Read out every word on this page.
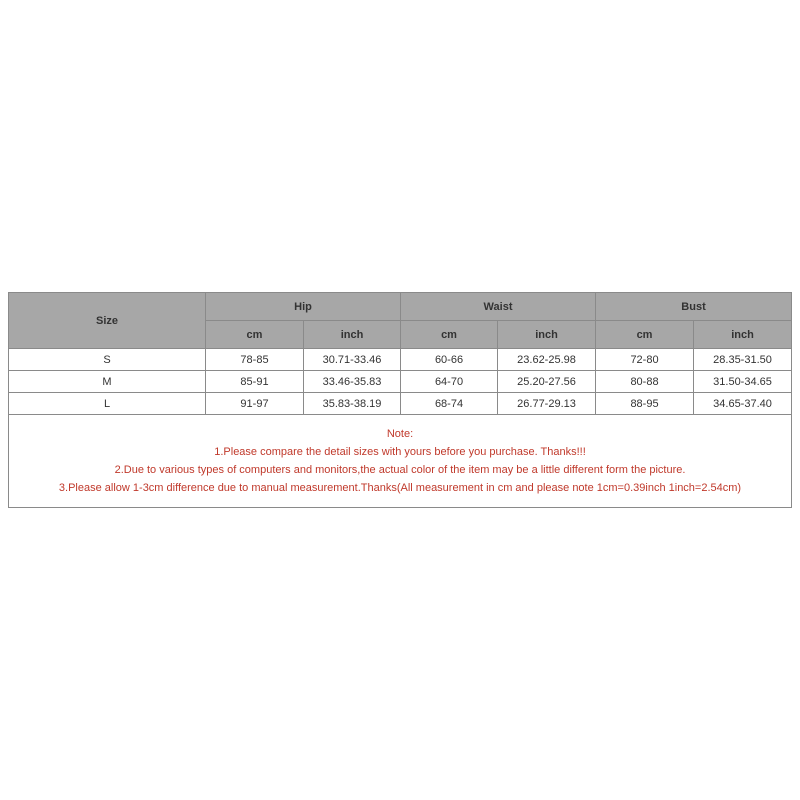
Size	Hip		Waist		Bust	
	cm	inch	cm	inch	cm	inch
S	78-85	30.71-33.46	60-66	23.62-25.98	72-80	28.35-31.50
M	85-91	33.46-35.83	64-70	25.20-27.56	80-88	31.50-34.65
L	91-97	35.83-38.19	68-74	26.77-29.13	88-95	34.65-37.40

Note:
1.Please compare the detail sizes with yours before you purchase. Thanks!!!
2.Due to various types of computers and monitors,the actual color of the item may be a little different form the picture.
3.Please allow 1-3cm difference due to manual measurement.Thanks(All measurement in cm and please note 1cm=0.39inch 1inch=2.54cm)						
